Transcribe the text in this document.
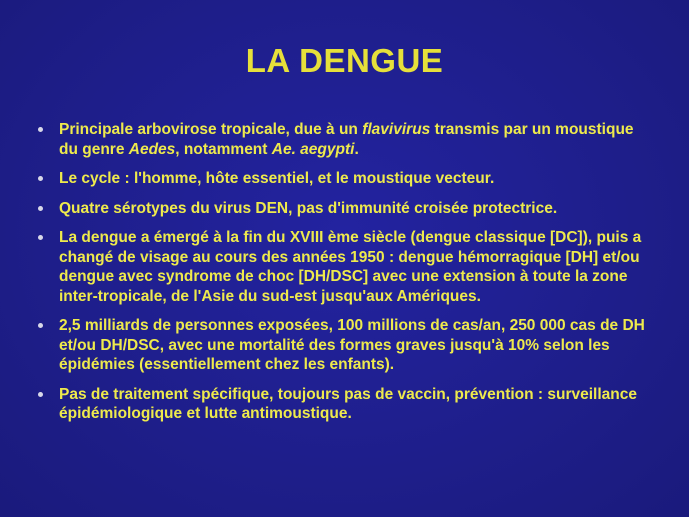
LA DENGUE
Principale arbovirose tropicale, due à un flavivirus transmis par un moustique du genre Aedes, notamment Ae. aegypti.
Le cycle : l'homme, hôte essentiel, et le moustique vecteur.
Quatre sérotypes du virus DEN, pas d'immunité croisée protectrice.
La dengue a émergé à la fin du XVIII ème siècle (dengue classique [DC]), puis a changé de visage au cours des années 1950 : dengue hémorragique [DH] et/ou dengue avec syndrome de choc [DH/DSC] avec une extension à toute la zone inter-tropicale, de l'Asie du sud-est jusqu'aux Amériques.
2,5 milliards de personnes exposées, 100 millions de cas/an, 250 000 cas de DH et/ou DH/DSC, avec une mortalité des formes graves jusqu'à 10% selon les épidémies (essentiellement chez les enfants).
Pas de traitement spécifique, toujours pas de vaccin, prévention : surveillance épidémiologique et lutte antimoustique.
